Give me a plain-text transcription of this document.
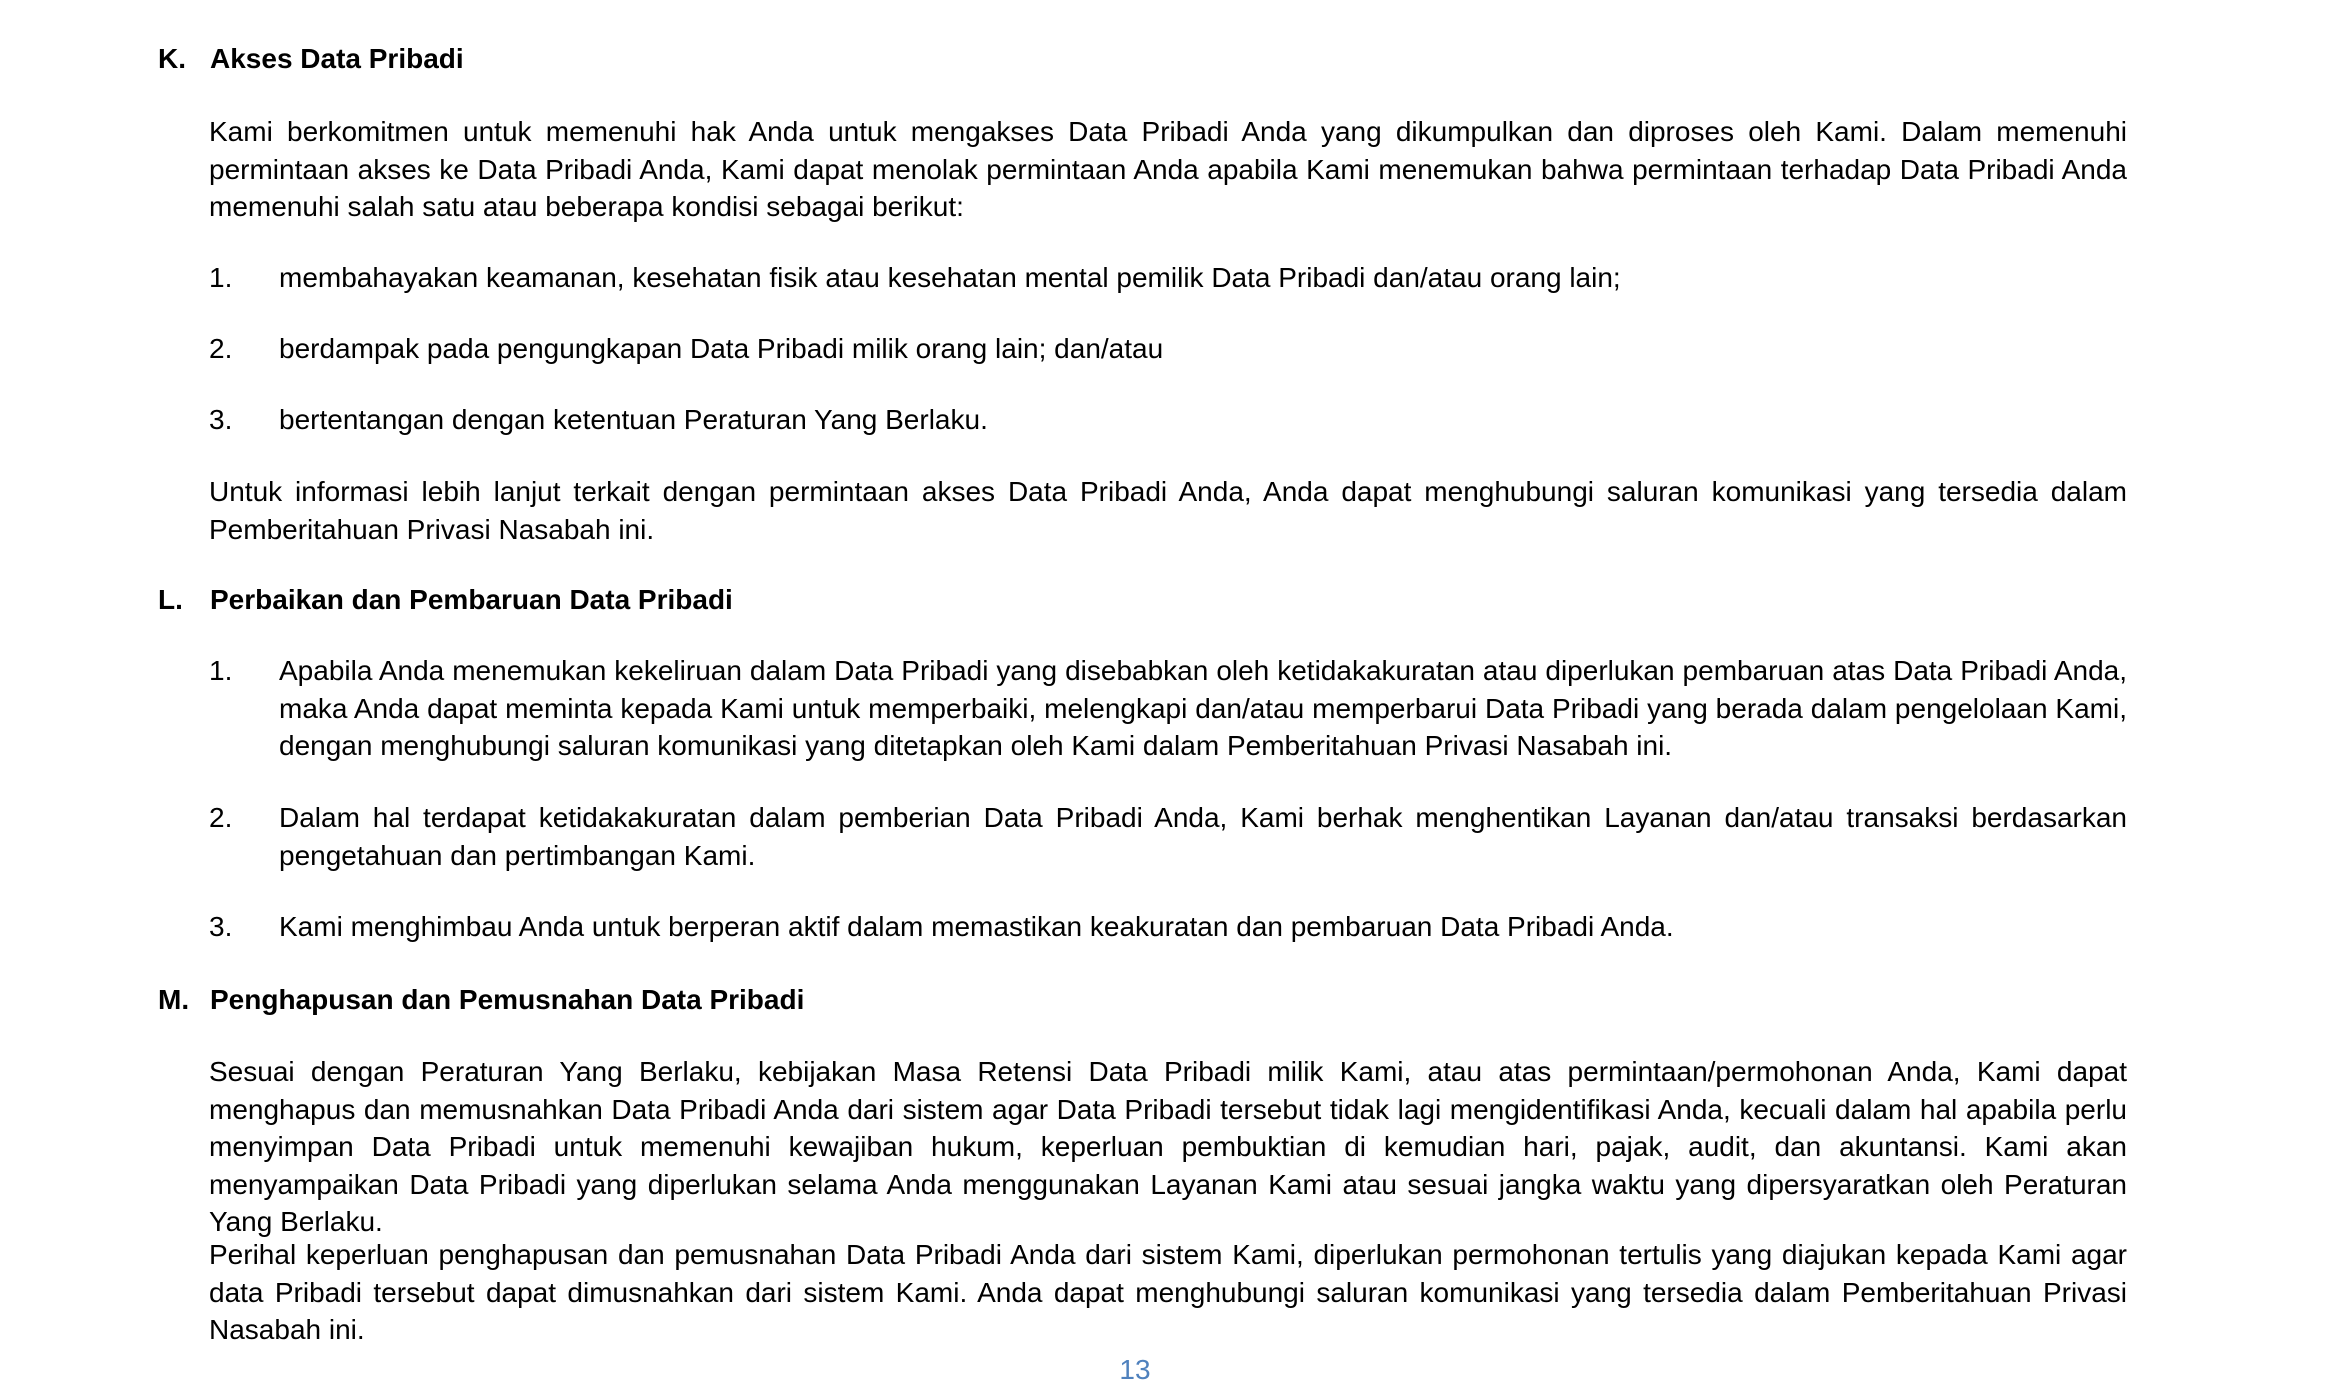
K. Akses Data Pribadi
Kami berkomitmen untuk memenuhi hak Anda untuk mengakses Data Pribadi Anda yang dikumpulkan dan diproses oleh Kami. Dalam memenuhi permintaan akses ke Data Pribadi Anda, Kami dapat menolak permintaan Anda apabila Kami menemukan bahwa permintaan terhadap Data Pribadi Anda memenuhi salah satu atau beberapa kondisi sebagai berikut:
1.	membahayakan keamanan, kesehatan fisik atau kesehatan mental pemilik Data Pribadi dan/atau orang lain;
2.	berdampak pada pengungkapan Data Pribadi milik orang lain; dan/atau
3.	bertentangan dengan ketentuan Peraturan Yang Berlaku.
Untuk informasi lebih lanjut terkait dengan permintaan akses Data Pribadi Anda, Anda dapat menghubungi saluran komunikasi yang tersedia dalam Pemberitahuan Privasi Nasabah ini.
L. Perbaikan dan Pembaruan Data Pribadi
1.	Apabila Anda menemukan kekeliruan dalam Data Pribadi yang disebabkan oleh ketidakakuratan atau diperlukan pembaruan atas Data Pribadi Anda, maka Anda dapat meminta kepada Kami untuk memperbaiki, melengkapi dan/atau memperbarui Data Pribadi yang berada dalam pengelolaan Kami, dengan menghubungi saluran komunikasi yang ditetapkan oleh Kami dalam Pemberitahuan Privasi Nasabah ini.
2.	Dalam hal terdapat ketidakakuratan dalam pemberian Data Pribadi Anda, Kami berhak menghentikan Layanan dan/atau transaksi berdasarkan pengetahuan dan pertimbangan Kami.
3.	Kami menghimbau Anda untuk berperan aktif dalam memastikan keakuratan dan pembaruan Data Pribadi Anda.
M. Penghapusan dan Pemusnahan Data Pribadi
Sesuai dengan Peraturan Yang Berlaku, kebijakan Masa Retensi Data Pribadi milik Kami, atau atas permintaan/permohonan Anda, Kami dapat menghapus dan memusnahkan Data Pribadi Anda dari sistem agar Data Pribadi tersebut tidak lagi mengidentifikasi Anda, kecuali dalam hal apabila perlu menyimpan Data Pribadi untuk memenuhi kewajiban hukum, keperluan pembuktian di kemudian hari, pajak, audit, dan akuntansi. Kami akan menyampaikan Data Pribadi yang diperlukan selama Anda menggunakan Layanan Kami atau sesuai jangka waktu yang dipersyaratkan oleh Peraturan Yang Berlaku.
Perihal keperluan penghapusan dan pemusnahan Data Pribadi Anda dari sistem Kami, diperlukan permohonan tertulis yang diajukan kepada Kami agar data Pribadi tersebut dapat dimusnahkan dari sistem Kami. Anda dapat menghubungi saluran komunikasi yang tersedia dalam Pemberitahuan Privasi Nasabah ini.
13
